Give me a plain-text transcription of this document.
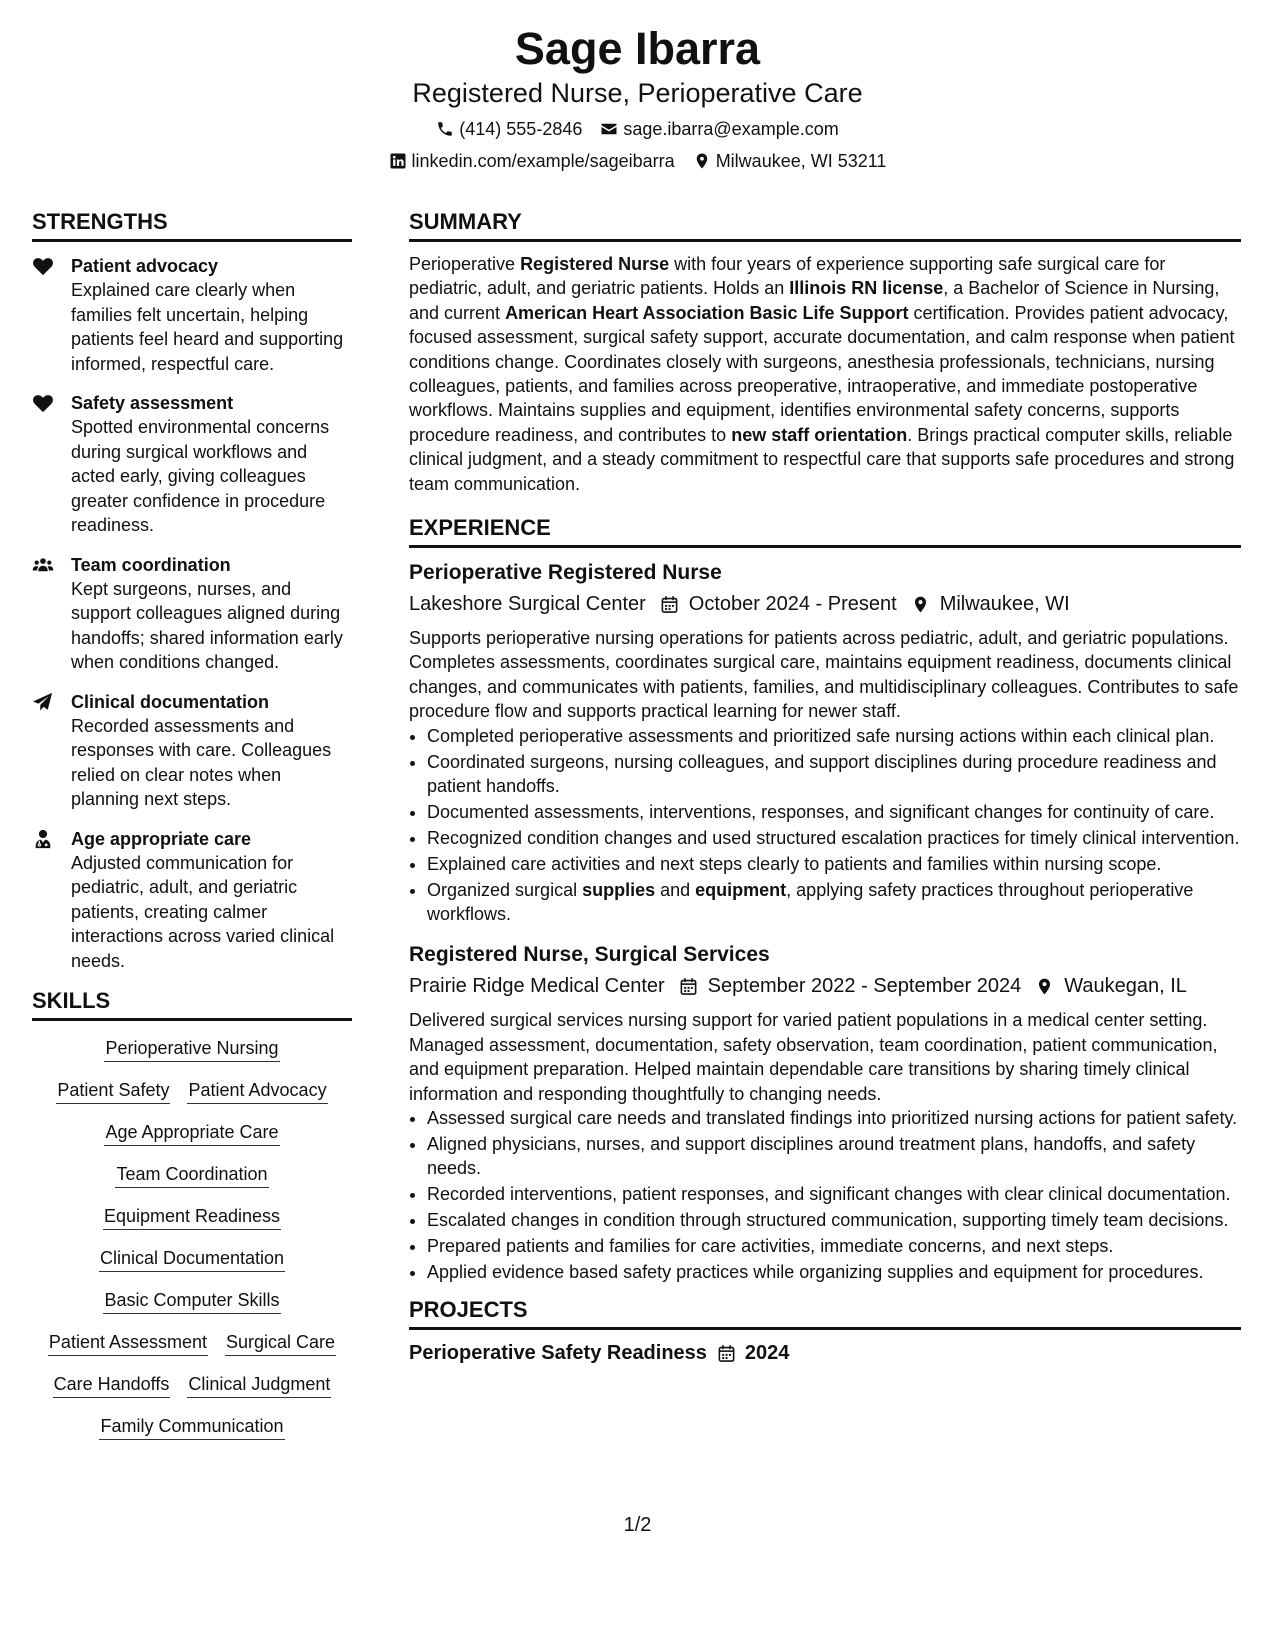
Sage Ibarra
Registered Nurse, Perioperative Care
(414) 555-2846 sage.ibarra@example.com
linkedin.com/example/sageibarra Milwaukee, WI 53211
STRENGTHS
Patient advocacy
Explained care clearly when families felt uncertain, helping patients feel heard and supporting informed, respectful care.
Safety assessment
Spotted environmental concerns during surgical workflows and acted early, giving colleagues greater confidence in procedure readiness.
Team coordination
Kept surgeons, nurses, and support colleagues aligned during handoffs; shared information early when conditions changed.
Clinical documentation
Recorded assessments and responses with care. Colleagues relied on clear notes when planning next steps.
Age appropriate care
Adjusted communication for pediatric, adult, and geriatric patients, creating calmer interactions across varied clinical needs.
SKILLS
Perioperative Nursing
Patient Safety Patient Advocacy
Age Appropriate Care
Team Coordination
Equipment Readiness
Clinical Documentation
Basic Computer Skills
Patient Assessment Surgical Care
Care Handoffs Clinical Judgment
Family Communication
SUMMARY

Perioperative Registered Nurse with four years of experience supporting safe surgical care for pediatric, adult, and geriatric patients. Holds an Illinois RN license, a Bachelor of Science in Nursing, and current American Heart Association Basic Life Support certification. Provides patient advocacy, focused assessment, surgical safety support, accurate documentation, and calm response when patient conditions change. Coordinates closely with surgeons, anesthesia professionals, technicians, nursing colleagues, patients, and families across preoperative, intraoperative, and immediate postoperative workflows. Maintains supplies and equipment, identifies environmental safety concerns, supports procedure readiness, and contributes to new staff orientation. Brings practical computer skills, reliable clinical judgment, and a steady commitment to respectful care that supports safe procedures and strong team communication.

EXPERIENCE
Perioperative Registered Nurse
Lakeshore Surgical Center October 2024 - Present Milwaukee, WI
Supports perioperative nursing operations for patients across pediatric, adult, and geriatric populations. Completes assessments, coordinates surgical care, maintains equipment readiness, documents clinical changes, and communicates with patients, families, and multidisciplinary colleagues. Contributes to safe procedure flow and supports practical learning for newer staff.
• Completed perioperative assessments and prioritized safe nursing actions within each clinical plan.
• Coordinated surgeons, nursing colleagues, and support disciplines during procedure readiness and patient handoffs.
• Documented assessments, interventions, responses, and significant changes for continuity of care.
• Recognized condition changes and used structured escalation practices for timely clinical intervention.
• Explained care activities and next steps clearly to patients and families within nursing scope.
• Organized surgical supplies and equipment, applying safety practices throughout perioperative workflows.
Registered Nurse, Surgical Services
Prairie Ridge Medical Center September 2022 - September 2024 Waukegan, IL
Delivered surgical services nursing support for varied patient populations in a medical center setting. Managed assessment, documentation, safety observation, team coordination, patient communication, and equipment preparation. Helped maintain dependable care transitions by sharing timely clinical information and responding thoughtfully to changing needs.
• Assessed surgical care needs and translated findings into prioritized nursing actions for patient safety.
• Aligned physicians, nurses, and support disciplines around treatment plans, handoffs, and safety needs.
• Recorded interventions, patient responses, and significant changes with clear clinical documentation.
• Escalated changes in condition through structured communication, supporting timely team decisions.
• Prepared patients and families for care activities, immediate concerns, and next steps.
• Applied evidence based safety practices while organizing supplies and equipment for procedures.
PROJECTS
Perioperative Safety Readiness 2024
1/2
